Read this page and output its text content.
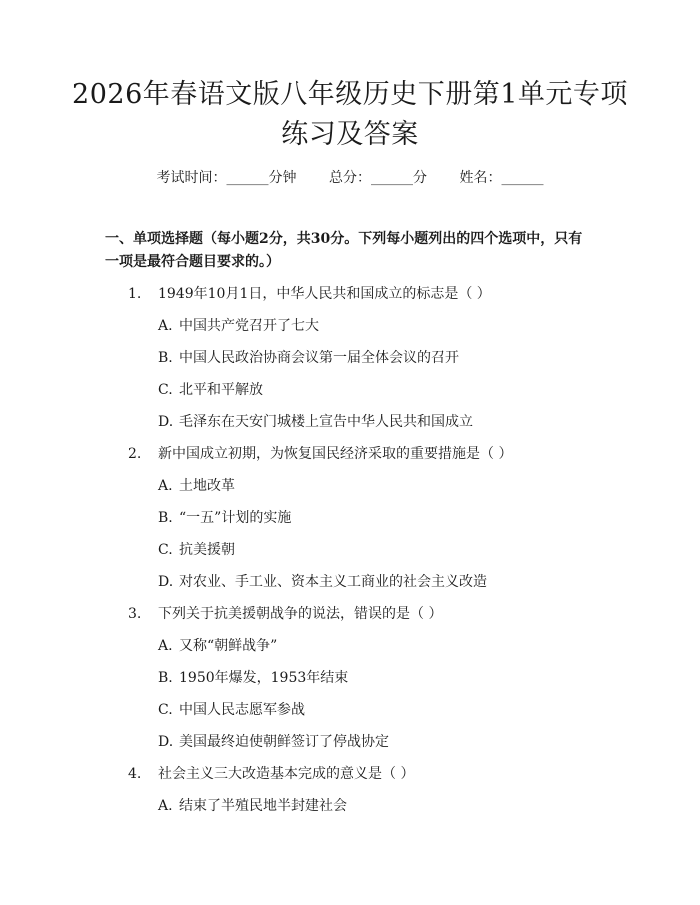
2026年春语文版八年级历史下册第1单元专项练习及答案
考试时间：______分钟 总分：______分 姓名：______
一、单项选择题（每小题2分，共30分。下列每小题列出的四个选项中，只有一项是最符合题目要求的。）
1. 1949年10月1日，中华人民共和国成立的标志是（ ）
A. 中国共产党召开了七大
B. 中国人民政治协商会议第一届全体会议的召开
C. 北平和平解放
D. 毛泽东在天安门城楼上宣告中华人民共和国成立
2. 新中国成立初期，为恢复国民经济采取的重要措施是（ ）
A. 土地改革
B. “一五”计划的实施
C. 抗美援朝
D. 对农业、手工业、资本主义工商业的社会主义改造
3. 下列关于抗美援朝战争的说法，错误的是（ ）
A. 又称“朝鲜战争”
B. 1950年爆发，1953年结束
C. 中国人民志愿军参战
D. 美国最终迫使朝鲜签订了停战协定
4. 社会主义三大改造基本完成的意义是（ ）
A. 结束了半殖民地半封建社会
